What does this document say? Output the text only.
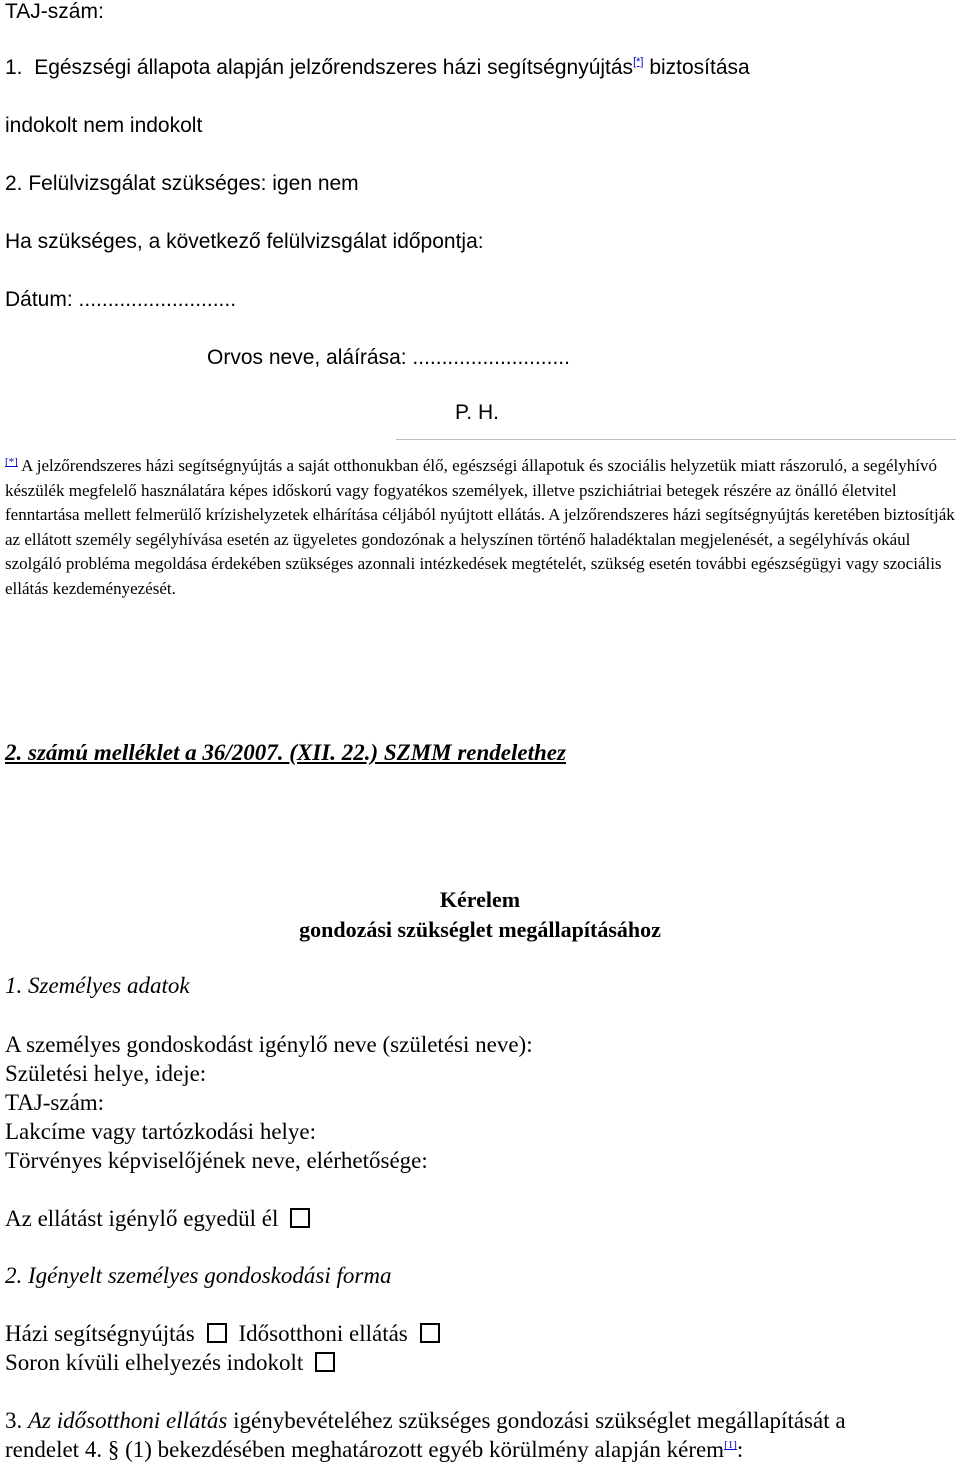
TAJ-szám:
1. Egészségi állapota alapján jelzőrendszeres házi segítségnyújtás[*] biztosítása
indokolt nem indokolt
2. Felülvizsgálat szükséges: igen nem
Ha szükséges, a következő felülvizsgálat időpontja:
Dátum: ...........................
Orvos neve, aláírása: ...........................
P. H.
[*] A jelzőrendszeres házi segítségnyújtás a saját otthonukban élő, egészségi állapotuk és szociális helyzetük miatt rászoruló, a segélyhívó készülék megfelelő használatára képes időskorú vagy fogyatékos személyek, illetve pszichiátriai betegek részére az önálló életvitel fenntartása mellett felmerülő krízishelyzetek elhárítása céljából nyújtott ellátás. A jelzőrendszeres házi segítségnyújtás keretében biztosítják az ellátott személy segélyhívása esetén az ügyeletes gondozónak a helyszínen történő haladéktalan megjelenését, a segélyhívás okául szolgáló probléma megoldása érdekében szükséges azonnali intézkedések megtételét, szükség esetén további egészségügyi vagy szociális ellátás kezdeményezését.
2. számú melléklet a 36/2007. (XII. 22.) SZMM rendelethez
Kérelem
gondozási szükséglet megállapításához
1. Személyes adatok
A személyes gondoskodást igénylő neve (születési neve):
Születési helye, ideje:
TAJ-szám:
Lakcíme vagy tartózkodási helye:
Törvényes képviselőjének neve, elérhetősége:
Az ellátást igénylő egyedül él
2. Igényelt személyes gondoskodási forma
Házi segítségnyújtás Idősotthoni ellátás
Soron kívüli elhelyezés indokolt
3. Az idősotthoni ellátás igénybevételéhez szükséges gondozási szükséglet megállapítását a
rendelet 4. § (1) bekezdésében meghatározott egyéb körülmény alapján kérem[1]:
